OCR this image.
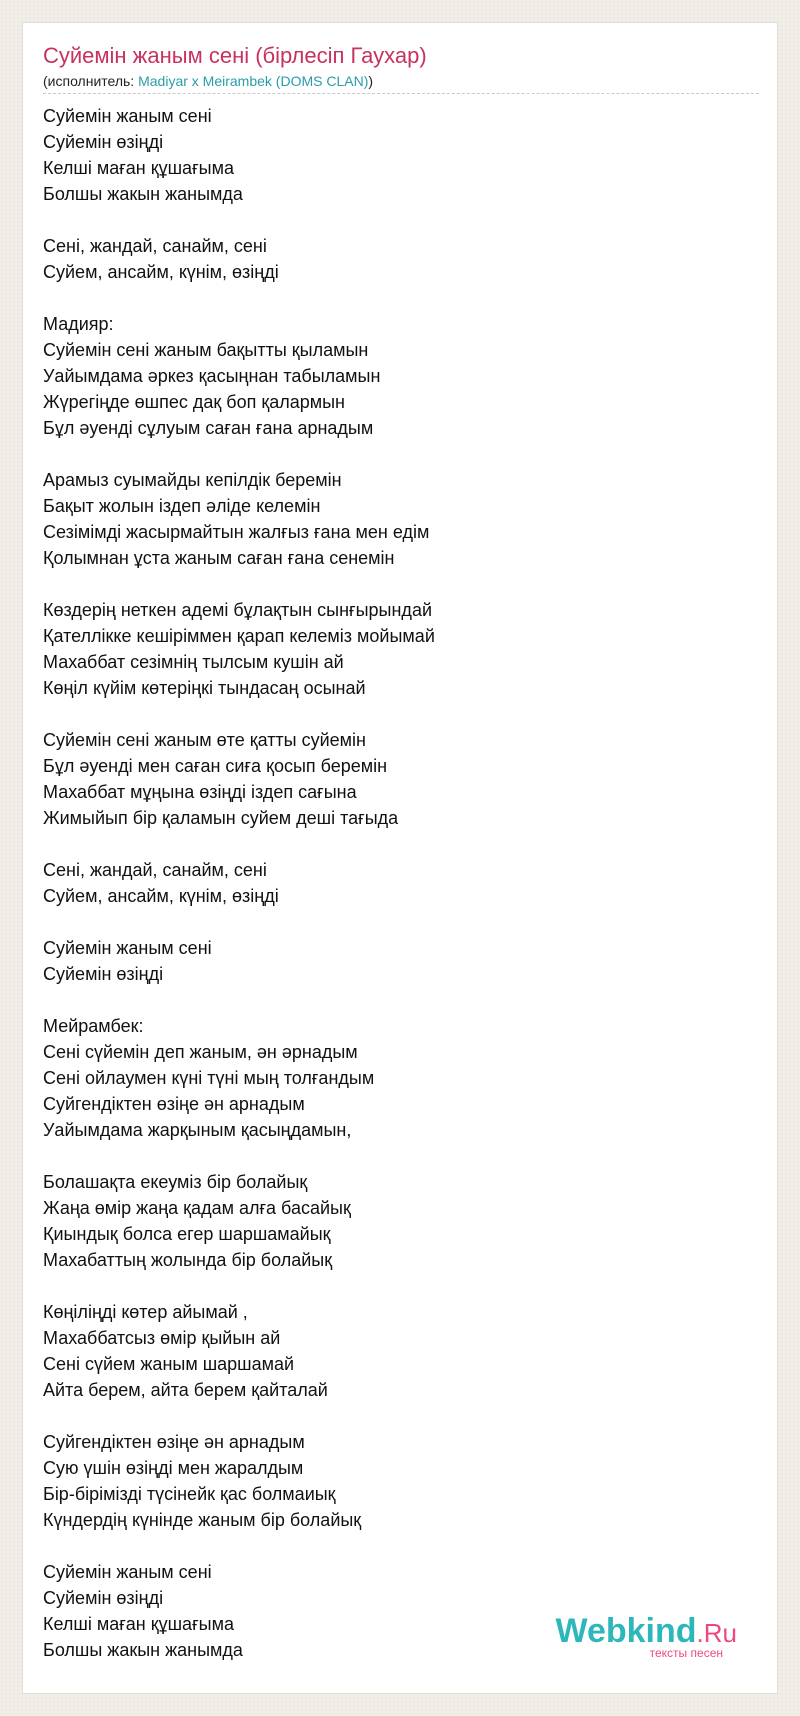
Суйемін жаным сені (бірлесіп Гаухар)
(исполнитель: Madiyar x Meirambek (DOMS CLAN))
Суйемін жаным сені
Суйемін өзіңді
Келші маған құшағыма
Болшы жакын жанымда
Сені, жандай, санайм, сені
Суйем, ансайм, күнім, өзіңді
Мадияр:
Суйемін сені жаным бақытты қыламын
Уайымдама әркез қасыңнан табыламын
Жүрегіңде өшпес дақ боп қалармын
Бұл әуенді сұлуым саған ғана арнадым
Арамыз суымайды кепілдік беремін
Бақыт жолын іздеп әліде келемін
Сезімімді жасырмайтын жалғыз ғана мен едім
Қолымнан ұста жаным саған ғана сенемін
Көздерің неткен адемі бұлақтын сынғырындай
Қателлікке кешіріммен қарап келеміз мойымай
Махаббат сезімнің тылсым кушін ай
Көңіл күйім көтеріңкі тындасаң осынай
Суйемін сені жаным өте қатты суйемін
Бұл әуенді мен саған сиға қосып беремін
Махаббат мұңына өзіңді іздеп сағына
Жимыйып бір қаламын суйем деші тағыда
Сені, жандай, санайм, сені
Суйем, ансайм, күнім, өзіңді
Суйемін жаным сені
Суйемін өзіңді
Мейрамбек:
Сені сүйемін деп жаным, ән әрнадым
Сені ойлаумен күні түні мың толғандым
Суйгендіктен өзіңе ән арнадым
Уайымдама жарқыным қасыңдамын,
Болашақта екеуміз бір болайық
Жаңа өмір жаңа қадам алға басайық
Қиындық болса егер шаршамайық
Махабаттың жолында бір болайық
Көңіліңді көтер айымай ,
Махаббатсыз өмір қыйын ай
Сені сүйем жаным шаршамай
Айта берем, айта берем қайталай
Суйгендіктен өзіңе ән арнадым
Сую үшін өзіңді мен жаралдым
Бір-бірімізді түсінейк қас болмаиық
Күндердің күнінде жаным бір болайық
Суйемін жаным сені
Суйемін өзіңді
Келші маған құшағыма
Болшы жакын жанымда	Webkind.Ru
тексты песен
